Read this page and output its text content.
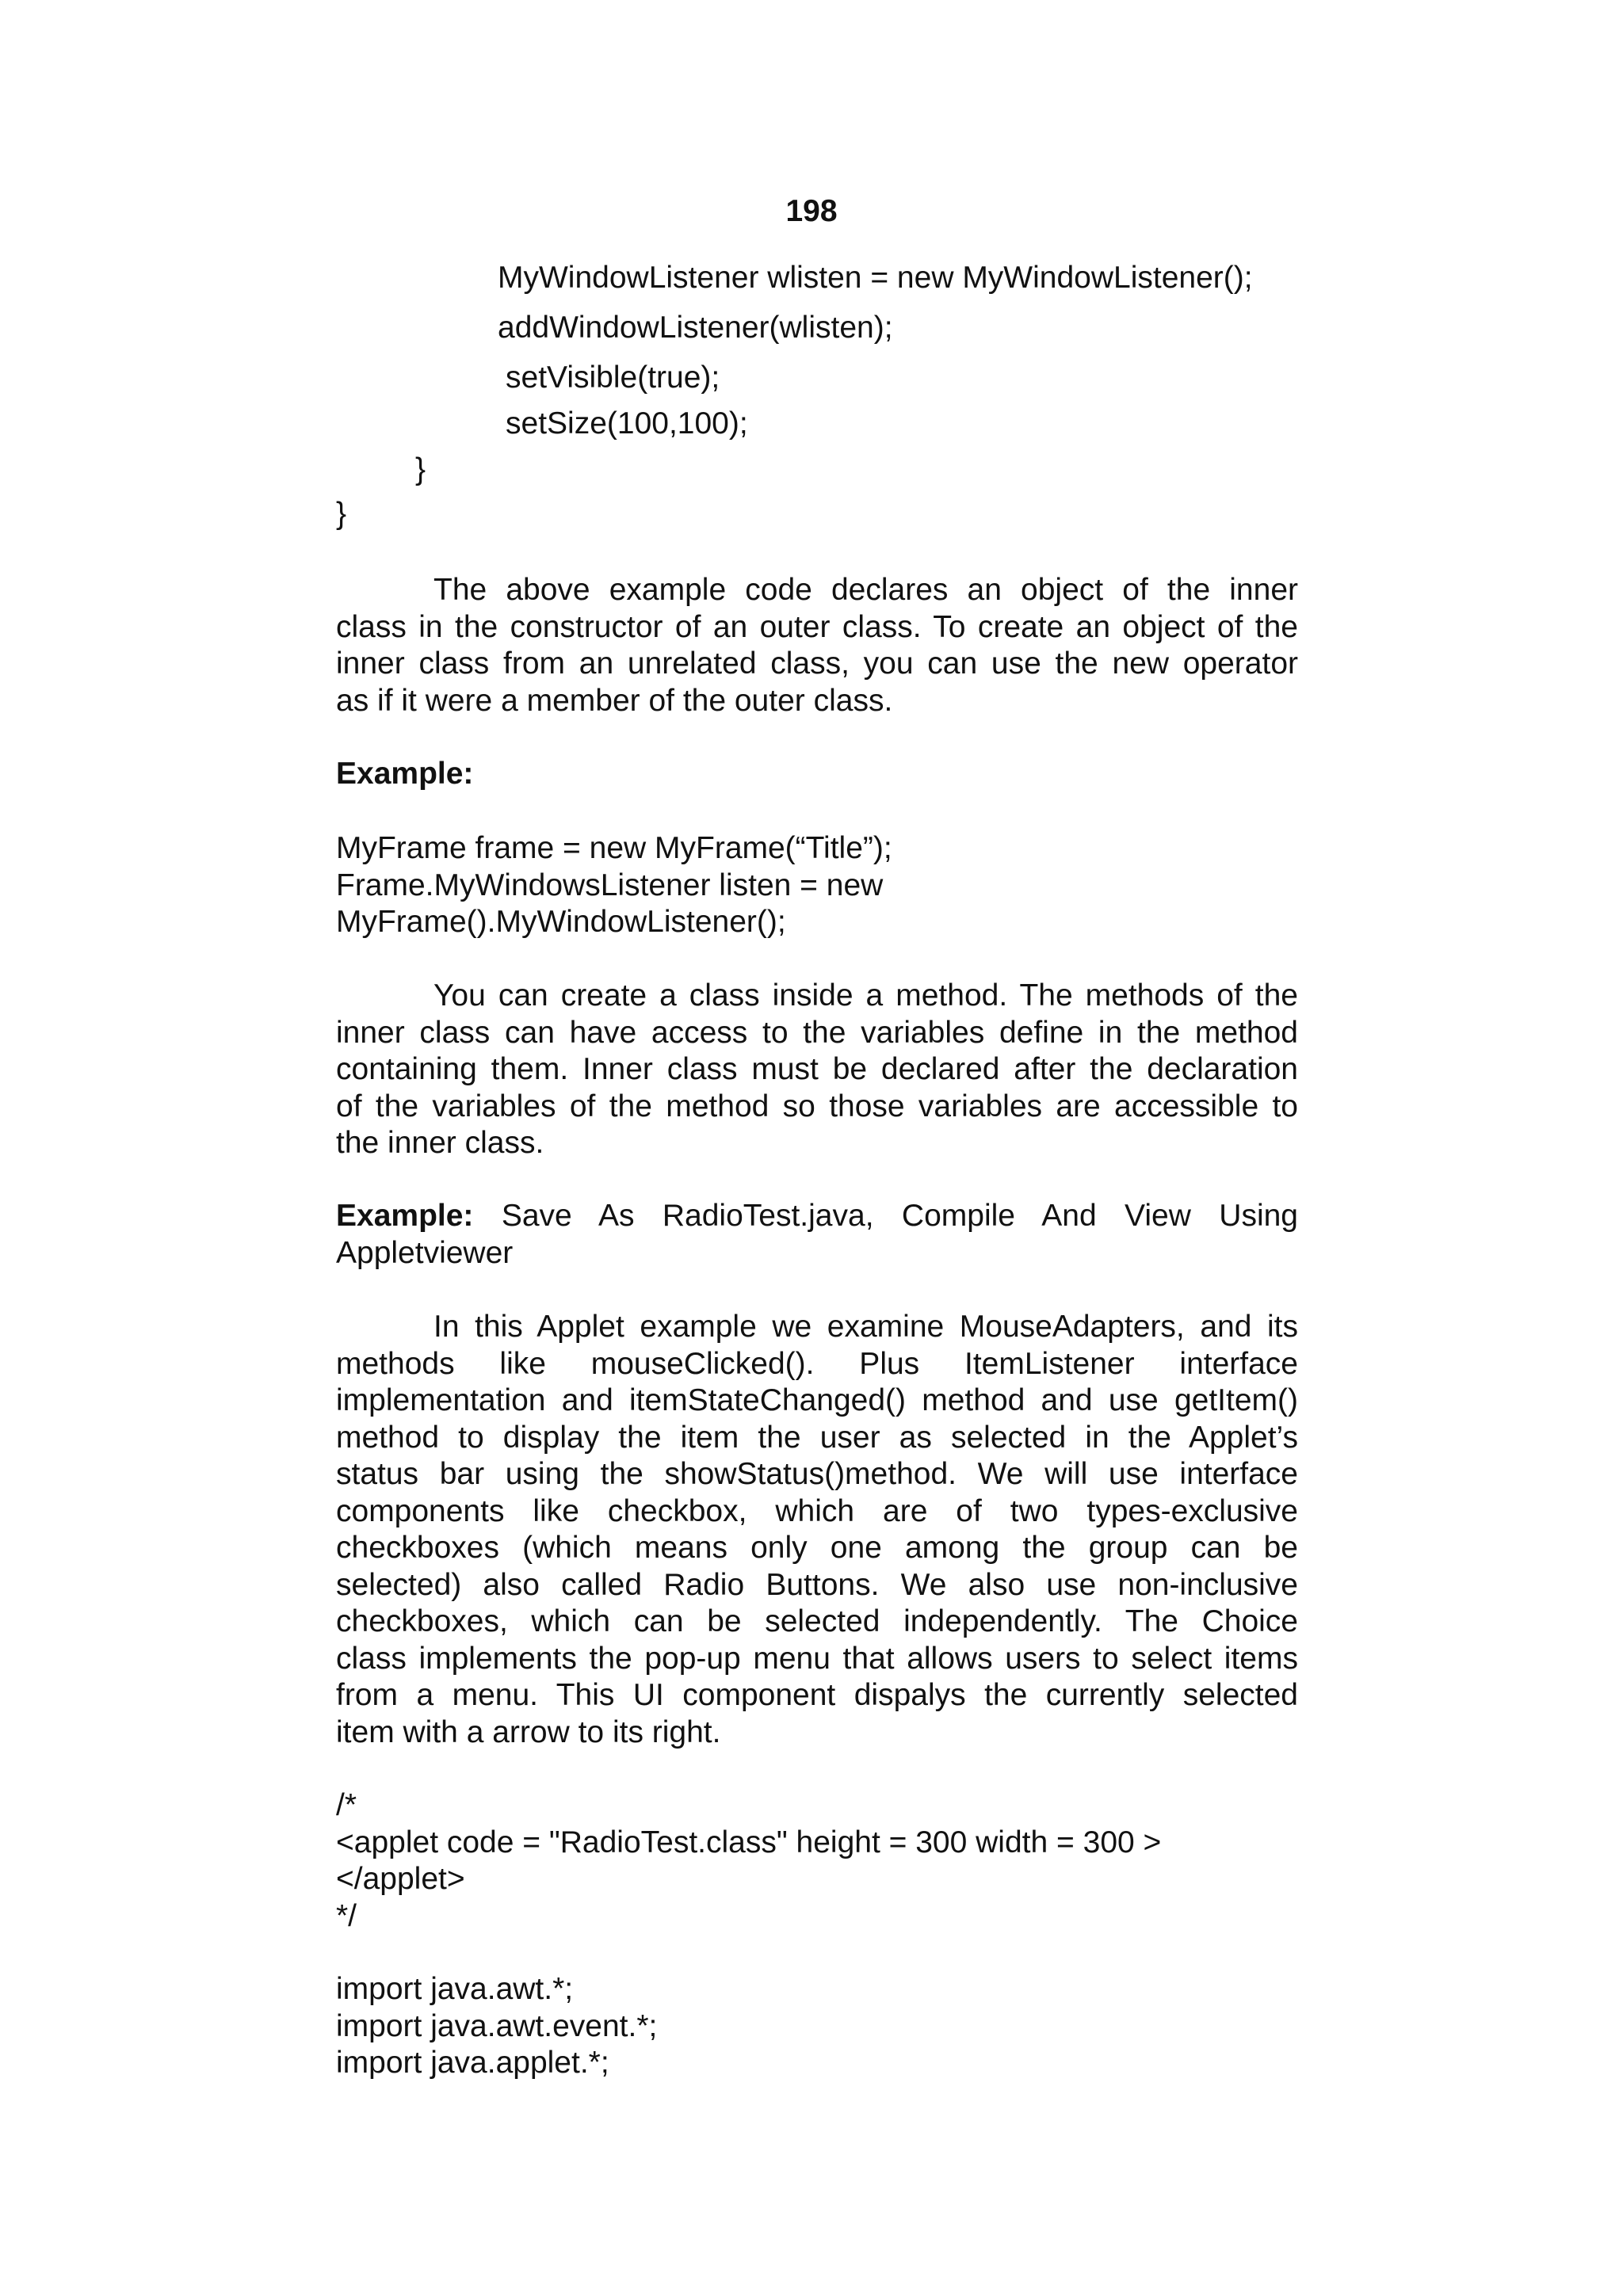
198

MyWindowListener wlisten = new MyWindowListener();

addWindowListener(wlisten);

setVisible(true);

setSize(100,100);

}

}

The above example code declares an object of the inner
class in the constructor of an outer class. To create an object of the
inner class from an unrelated class, you can use the new operator
as if it were a member of the outer class.

Example:

MyFrame frame = new MyFrame(“Title”);
Frame.MyWindowsListener listen = new
MyFrame().MyWindowListener();
You can create a class inside a method. The methods of the
inner class can have access to the variables define in the method
containing them. Inner class must be declared after the declaration
of the variables of the method so those variables are accessible to
the inner class.
Example: Save As RadioTest.java, Compile And View Using
Appletviewer
In this Applet example we examine MouseAdapters, and its
methods like mouseClicked(). Plus ItemListener interface
implementation and itemStateChanged() method and use getItem()
method to display the item the user as selected in the Applet’s
status bar using the showStatus()method. We will use interface
components like checkbox, which are of two types-exclusive
checkboxes (which means only one among the group can be
selected) also called Radio Buttons. We also use non-inclusive
checkboxes, which can be selected independently. The Choice
class implements the pop-up menu that allows users to select items
from a menu. This UI component dispalys the currently selected
item with a arrow to its right.
/*
<applet code = "RadioTest.class" height = 300 width = 300 >
</applet>
*/
import java.awt.*;
import java.awt.event.*;
import java.applet.*;
